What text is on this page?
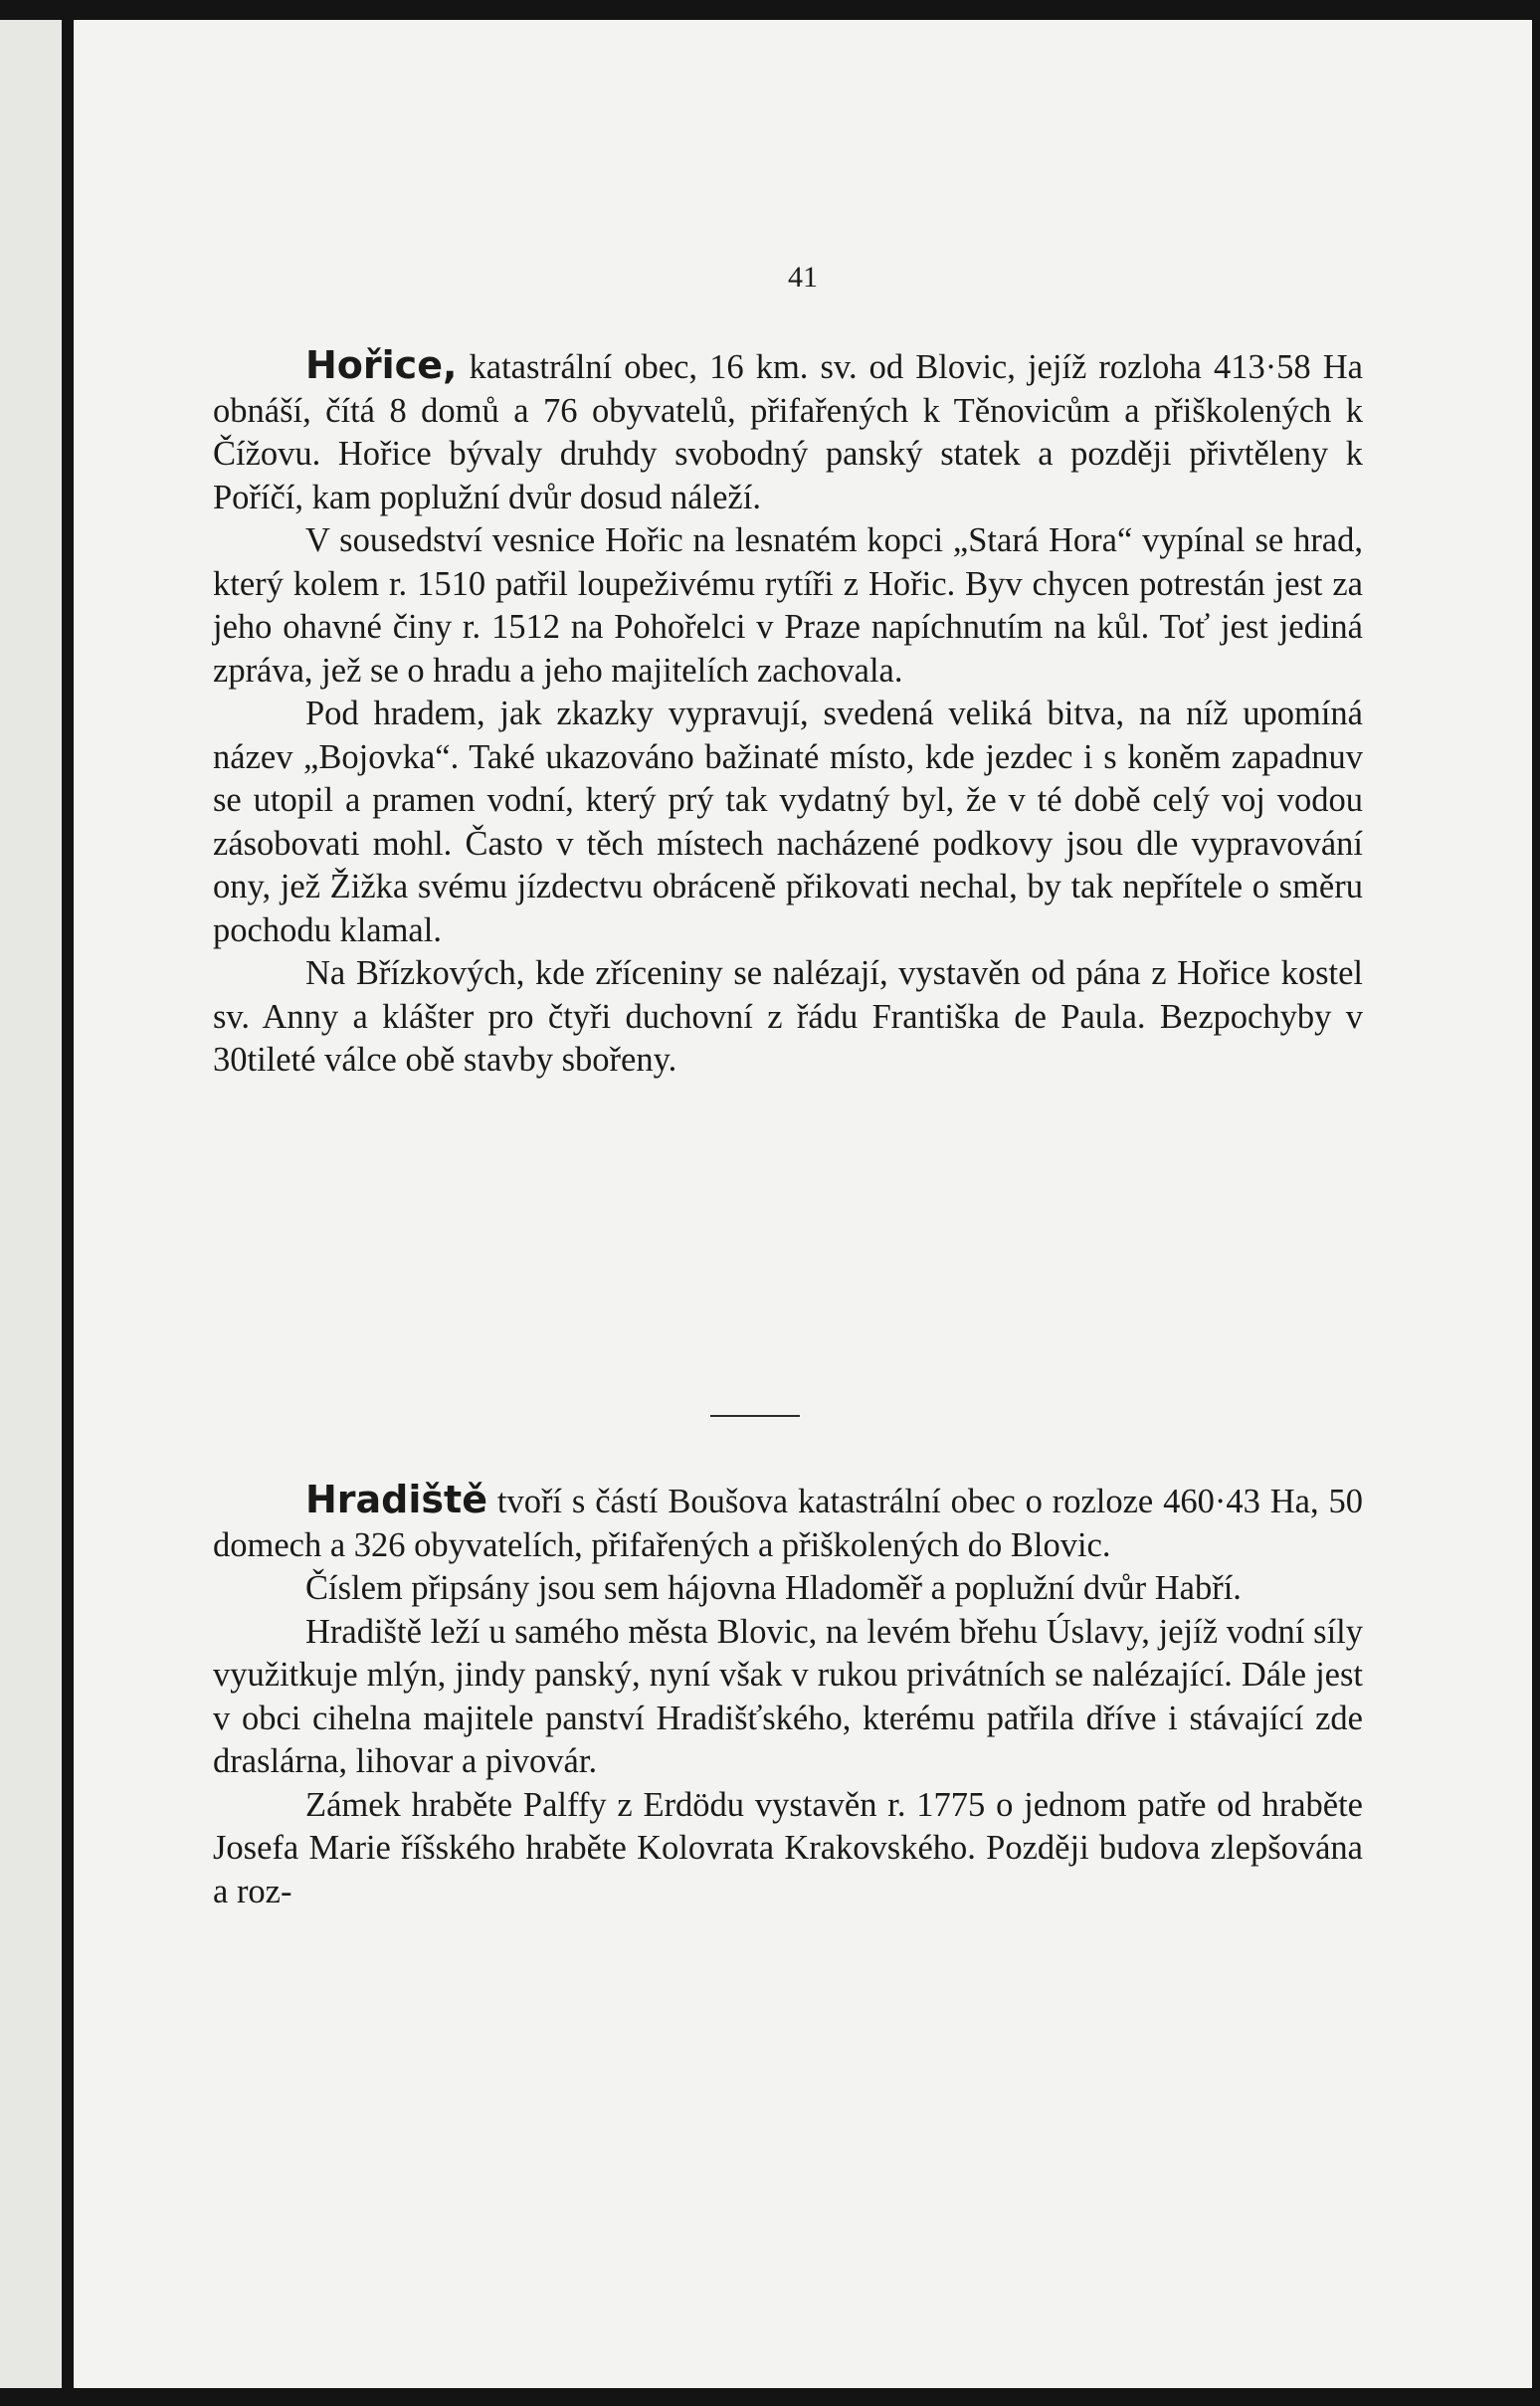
41

Hořice, katastrální obec, 16 km. sv. od Blovic, jejíž rozloha 413·58 Ha obnáší, čítá 8 domů a 76 obyvatelů, přifařených k Těnovicům a přiškolených k Čížovu. Hořice bývaly druhdy svobodný panský statek a později přivtěleny k Poříčí, kam poplužní dvůr dosud náleží.

V sousedství vesnice Hořic na lesnatém kopci „Stará Hora“ vypínal se hrad, který kolem r. 1510 patřil loupeživému rytíři z Hořic. Byv chycen potrestán jest za jeho ohavné činy r. 1512 na Pohořelci v Praze napíchnutím na kůl. Toť jest jediná zpráva, jež se o hradu a jeho majitelích zachovala.

Pod hradem, jak zkazky vypravují, svedená veliká bitva, na níž upomíná název „Bojovka“. Také ukazováno bažinaté místo, kde jezdec i s koněm zapadnuv se utopil a pramen vodní, který prý tak vydatný byl, že v té době celý voj vodou zásobovati mohl. Často v těch místech nacházené podkovy jsou dle vypravování ony, jež Žižka svému jízdectvu obráceně přikovati nechal, by tak nepřítele o směru pochodu klamal.

Na Břízkových, kde zříceniny se nalézají, vystavěn od pána z Hořice kostel sv. Anny a klášter pro čtyři duchovní z řádu Františka de Paula. Bezpochyby v 30tileté válce obě stavby sbořeny.

Hradiště tvoří s částí Boušova katastrální obec o rozloze 460·43 Ha, 50 domech a 326 obyvatelích, přifařených a přiškolených do Blovic.

Číslem připsány jsou sem hájovna Hladoměř a poplužní dvůr Habří.

Hradiště leží u samého města Blovic, na levém břehu Úslavy, jejíž vodní síly využitkuje mlýn, jindy panský, nyní však v rukou privátních se nalézající. Dále jest v obci cihelna majitele panství Hradišťského, kterému patřila dříve i stávající zde draslárna, lihovar a pivovár.

Zámek hraběte Palffy z Erdödu vystavěn r. 1775 o jednom patře od hraběte Josefa Marie říšského hraběte Kolovrata Krakovského. Později budova zlepšována a roz-
